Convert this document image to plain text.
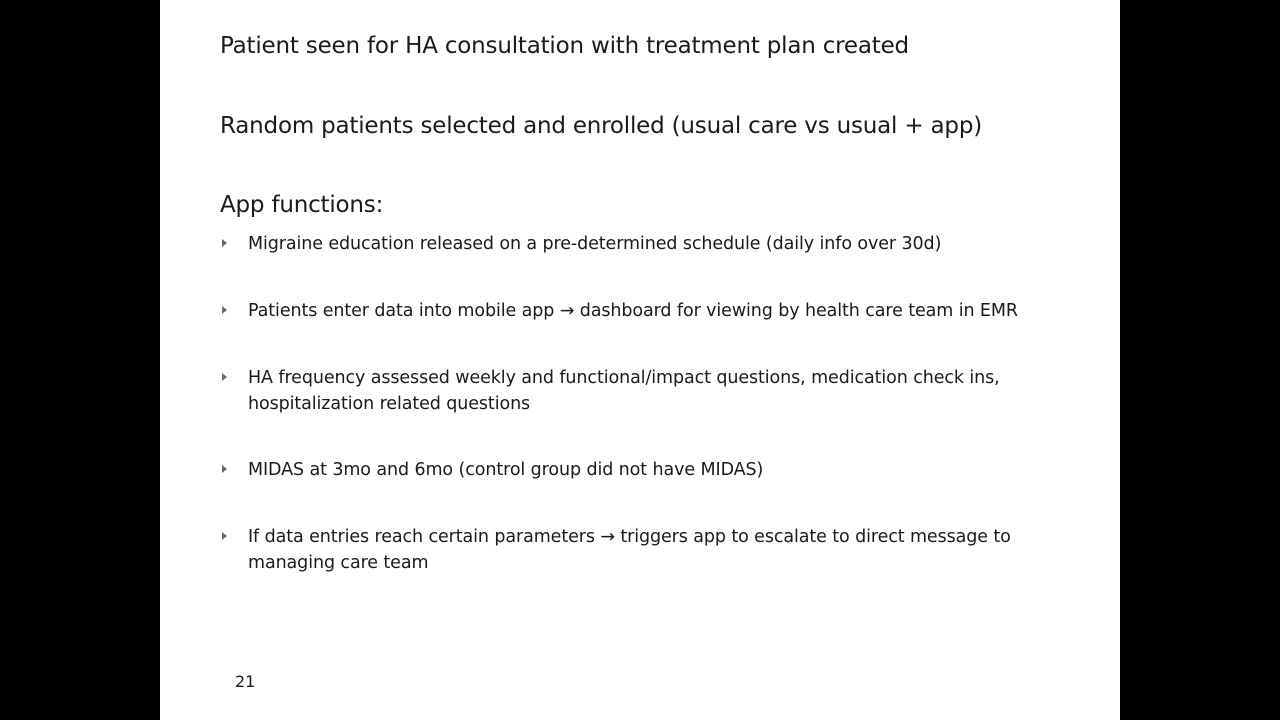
Patient seen for HA consultation with treatment plan created
Random patients selected and enrolled (usual care vs usual + app)
App functions:
Migraine education released on a pre-determined schedule (daily info over 30d)
Patients enter data into mobile app → dashboard for viewing by health care team in EMR
HA frequency assessed weekly and functional/impact questions, medication check ins, hospitalization related questions
MIDAS at 3mo and 6mo (control group did not have MIDAS)
If data entries reach certain parameters → triggers app to escalate to direct message to managing care team
21
